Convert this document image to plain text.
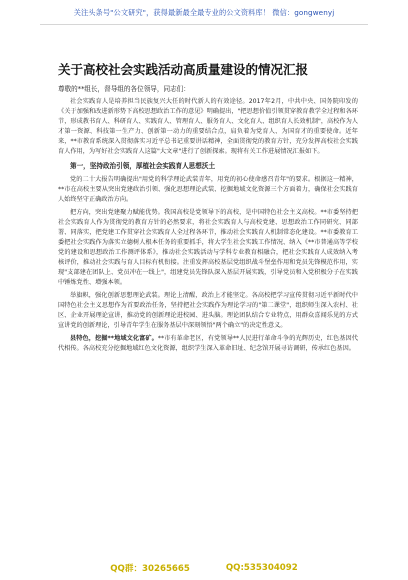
关注头条号"公文研究"，获得最新最全最专业的公文资料库！ 微信：gongwenyj
关于高校社会实践活动高质量建设的情况汇报

尊敬的**组长，督导组的各位领导，同志们：

社会实践育人是培养担当民族复兴大任的时代新人的有效途径。2017年2月，中共中央、国务院印发的《关于加强和改进新形势下高校思想政治工作的意见》明确提出，"把思想价值引领贯穿教育教学全过程和各环节，形成教书育人、科研育人、实践育人、管理育人、服务育人、文化育人、组织育人长效机制"，高校作为人才第一资源、科技第一生产力、创新第一动力的重要结合点，肩负着为党育人、为国育才的重要使命。近年来，**市教育系统深入贯彻落实习近平总书记重要讲话精神，全面贯彻党的教育方针，充分发挥高校社会实践育人作用，为写好社会实践育人这篇"大文章"进行了创新探索。现将有关工作进展情况汇报如下。

第一，坚持政治引领，厚植社会实践育人思想沃土

党的二十大报告明确提出"用党的科学理论武装青年，用党的初心使命感召青年"的要求。根据这一精神，**市在高校主要从突出党建政治引领、强化思想理论武装、挖掘地域文化资源三个方面着力，确保社会实践育人始终坚守正确政治方向。

把方向，突出党建聚力赋能优势。我国高校是党领导下的高校，是中国特色社会主义高校。**市委坚持把社会实践育人作为贯彻党的教育方针的必然要求，将社会实践育人与高校党建、思想政治工作同研究、同部署、同落实，把党建工作贯穿社会实践育人全过程各环节，推动社会实践育人机制常态化建设。**市委教育工委把社会实践作为落实立德树人根本任务的重要抓手，将大学生社会实践工作情况、纳入《**市普通高等学校党的建设和思想政治工作测评体系》，推动社会实践活动与学科专业教育相融合，把社会实践育人成效纳入考核评价，推动社会实践与育人目标有机衔接。注重发挥高校基层党组织战斗堡垒作用和党员先锋模范作用，实现"支部建在团队上、党员冲在一线上"，组建党员先锋队深入基层开展实践，引导党员和入党积极分子在实践中锤炼党性、增强本领。

举旗帜，强化创新思想理论武装。理论上清醒，政治上才能坚定。各高校把学习宣传贯彻习近平新时代中国特色社会主义思想作为首要政治任务，坚持把社会实践作为理论学习的"第二课堂"，组织师生深入农村、社区、企业开展理论宣讲，推动党的创新理论进校园、进头脑。理论团队结合专业特点，用群众喜闻乐见的方式宣讲党的创新理论，引导青年学生在服务基层中深刻领悟"两个确立"的决定性意义。

县特色，挖掘**地域文化富矿。**市有革命老区，有党领导**人民进行革命斗争的光辉历史，红色基因代代相传。各高校充分挖掘地域红色文化资源，组织学生深入革命旧址、纪念馆开展寻访调研，传承红色基因。

QQ群：30265665	QQ:535304092
